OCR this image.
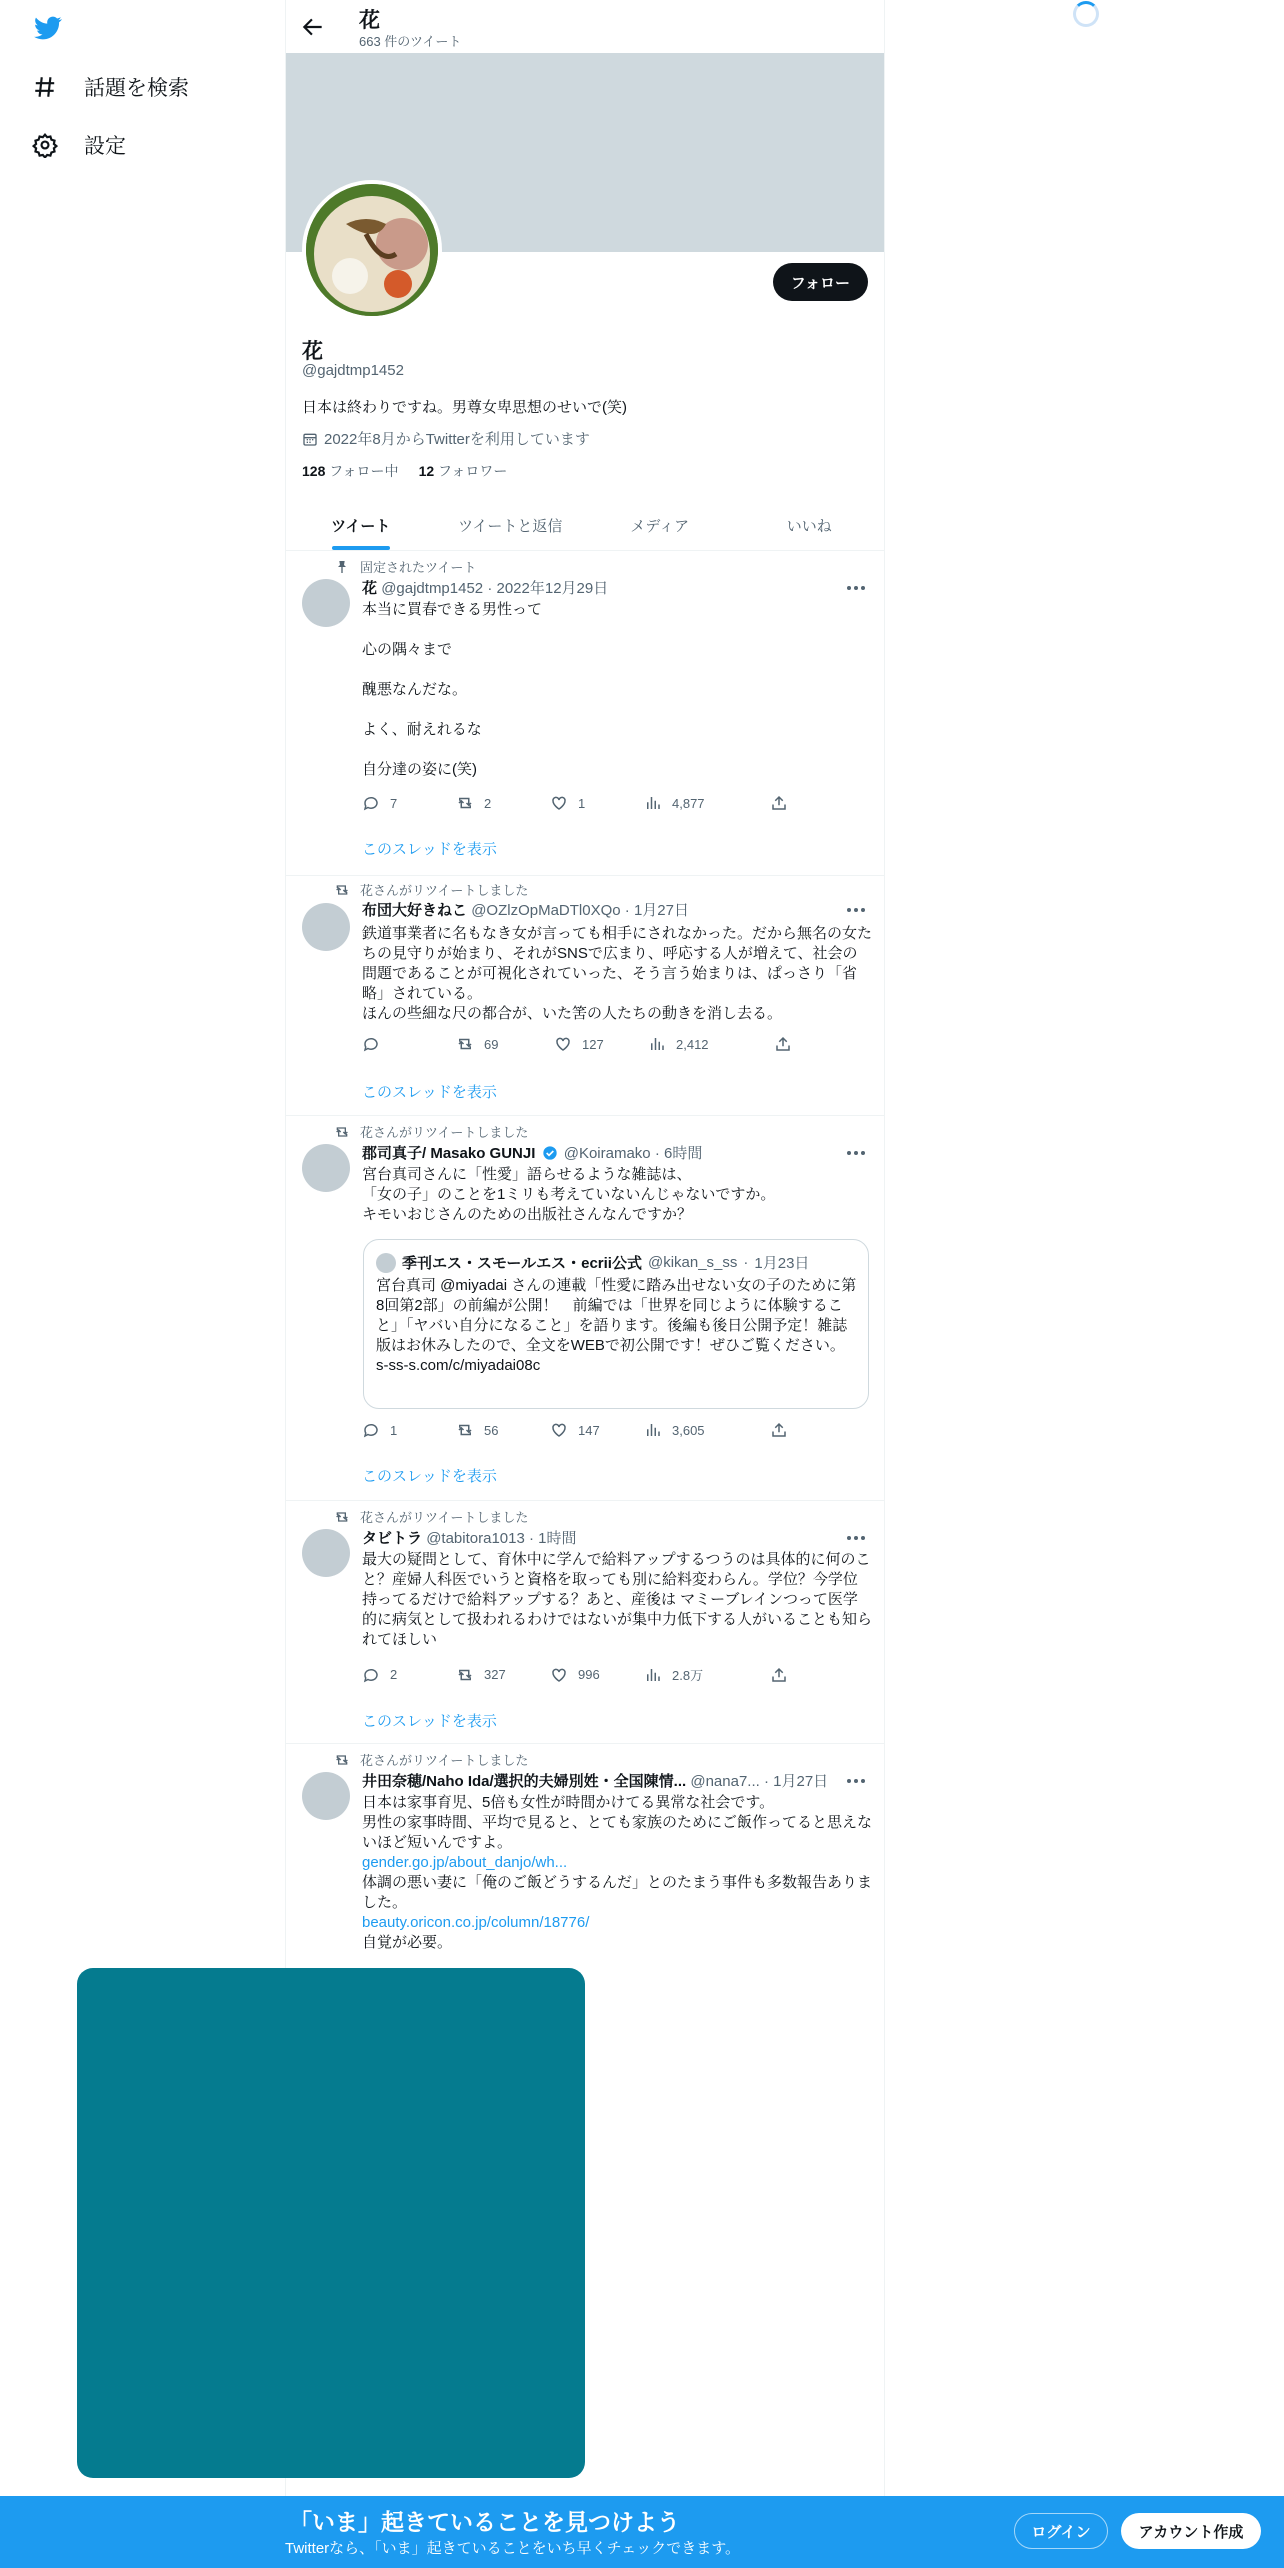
話題を検索
設定
花
663 件のツイート
フォロー
花
@gajdtmp1452
日本は終わりですね。男尊女卑思想のせいで(笑)
2022年8月からTwitterを利用しています
128 フォロー中 12 フォロワー
ツイート	ツイートと返信	メディア	いいね
固定されたツイート
花 @gajdtmp1452 · 2022年12月29日
本当に買春できる男性って

心の隅々まで

醜悪なんだな。

よく、耐えれるな

自分達の姿に(笑)
7	2	1	4,877
このスレッドを表示
花さんがリツイートしました
布団大好きねこ @OZlzOpMaDTl0XQo · 1月27日
鉄道事業者に名もなき女が言っても相手にされなかった。だから無名の女たちの見守りが始まり、それがSNSで広まり、呼応する人が増えて、社会の問題であることが可視化されていった、そう言う始まりは、ぱっさり「省略」されている。
ほんの些細な尺の都合が、いた筈の人たちの動きを消し去る。
69	127	2,412
このスレッドを表示
花さんがリツイートしました
郡司真子/ Masako GUNJI @Koiramako · 6時間
宮台真司さんに「性愛」語らせるような雑誌は、
「女の子」のことを1ミリも考えていないんじゃないですか。
キモいおじさんのための出版社さんなんですか？
季刊エス・スモールエス・ecrii公式 @kikan_s_ss · 1月23日
宮台真司 @miyadai さんの連載「性愛に踏み出せない女の子のために第8回第2部」の前編が公開！　前編では「世界を同じように体験すること」「ヤバい自分になること」を語ります。後編も後日公開予定！雑誌版はお休みしたので、全文をWEBで初公開です！ぜひご覧ください。
s-ss-s.com/c/miyadai08c
1	56	147	3,605
このスレッドを表示
花さんがリツイートしました
タビトラ @tabitora1013 · 1時間
最大の疑問として、育休中に学んで給料アップするつうのは具体的に何のこと？産婦人科医でいうと資格を取っても別に給料変わらん。学位？今学位持ってるだけで給料アップする？あと、産後は マミーブレインつって医学的に病気として扱われるわけではないが集中力低下する人がいることも知られてほしい
2	327	996	2.8万
このスレッドを表示
花さんがリツイートしました
井田奈穂/Naho Ida/選択的夫婦別姓・全国陳情... @nana7... · 1月27日
日本は家事育児、5倍も女性が時間かけてる異常な社会です。
男性の家事時間、平均で見ると、とても家族のためにご飯作ってると思えないほど短いんですよ。
gender.go.jp/about_danjo/wh...
体調の悪い妻に「俺のご飯どうするんだ」とのたまう事件も多数報告ありました。
beauty.oricon.co.jp/column/18776/
自覚が必要。
「いま」起きていることを見つけよう
Twitterなら、「いま」起きていることをいち早くチェックできます。
ログイン	アカウント作成
